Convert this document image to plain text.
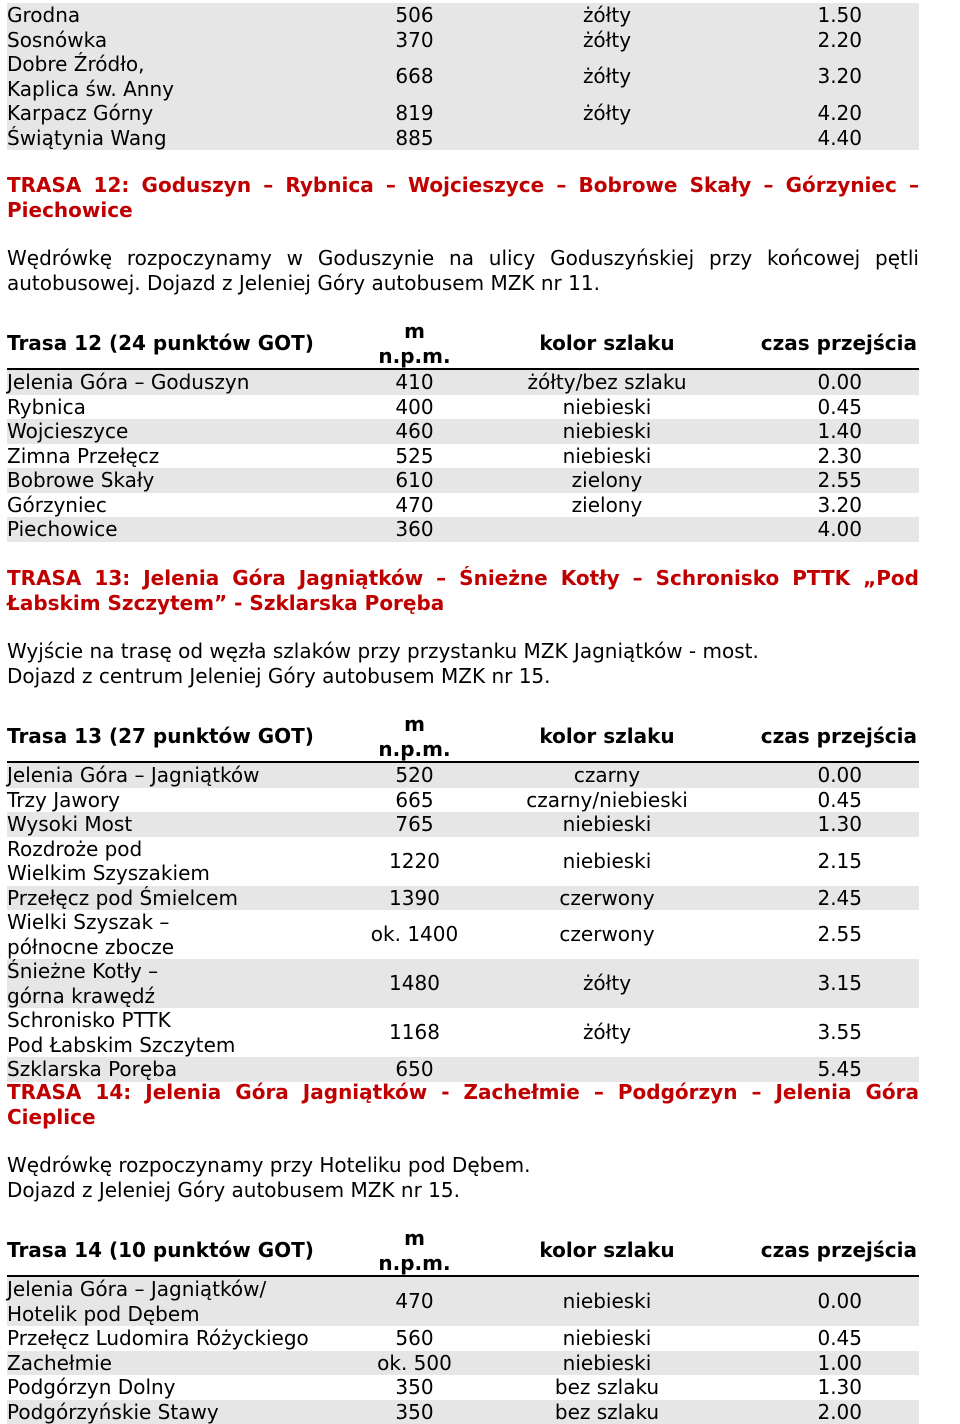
Grodna	506	żółty	1.50
Sosnówka	370	żółty	2.20

Dobre Źródło,
Kaplica św. Anny	668	żółty	3.20
Karpacz Górny	819	żółty	4.20
Świątynia Wang	885		4.40
TRASA 12: Goduszyn – Rybnica – Wojcieszyce – Bobrowe Skały – Górzyniec – Piechowice
Wędrówkę rozpoczynamy w Goduszynie na ulicy Goduszyńskiej przy końcowej pętli autobusowej. Dojazd z Jeleniej Góry autobusem MZK nr 11.
Trasa 12 (24 punktów GOT)	m n.p.m.	kolor szlaku	czas przejścia
Jelenia Góra – Goduszyn	410	żółty/bez szlaku	0.00
Rybnica	400	niebieski	0.45
Wojcieszyce	460	niebieski	1.40
Zimna Przełęcz	525	niebieski	2.30
Bobrowe Skały	610	zielony	2.55
Górzyniec	470	zielony	3.20
Piechowice	360		4.00
TRASA 13: Jelenia Góra Jagniątków – Śnieżne Kotły – Schronisko PTTK „Pod Łabskim Szczytem” - Szklarska Poręba
Wyjście na trasę od węzła szlaków przy przystanku MZK Jagniątków - most.
Dojazd z centrum Jeleniej Góry autobusem MZK nr 15.
Trasa 13 (27 punktów GOT)	m n.p.m.	kolor szlaku	czas przejścia
Jelenia Góra – Jagniątków	520	czarny	0.00
Trzy Jawory	665	czarny/niebieski	0.45
Wysoki Most	765	niebieski	1.30

Rozdroże pod
Wielkim Szyszakiem	1220	niebieski	2.15
Przełęcz pod Śmielcem	1390	czerwony	2.45

Wielki Szyszak –
północne zbocze	ok. 1400	czerwony	2.55

Śnieżne Kotły –
górna krawędź	1480	żółty	3.15

Schronisko PTTK
Pod Łabskim Szczytem	1168	żółty	3.55
Szklarska Poręba	650		5.45
TRASA 14: Jelenia Góra Jagniątków - Zachełmie – Podgórzyn – Jelenia Góra Cieplice
Wędrówkę rozpoczynamy przy Hoteliku pod Dębem.
Dojazd z Jeleniej Góry autobusem MZK nr 15.
Trasa 14 (10 punktów GOT)	m n.p.m.	kolor szlaku	czas przejścia

Jelenia Góra – Jagniątków/
Hotelik pod Dębem	470	niebieski	0.00
Przełęcz Ludomira Różyckiego	560	niebieski	0.45
Zachełmie	ok. 500	niebieski	1.00
Podgórzyn Dolny	350	bez szlaku	1.30
Podgórzyńskie Stawy	350	bez szlaku	2.00
